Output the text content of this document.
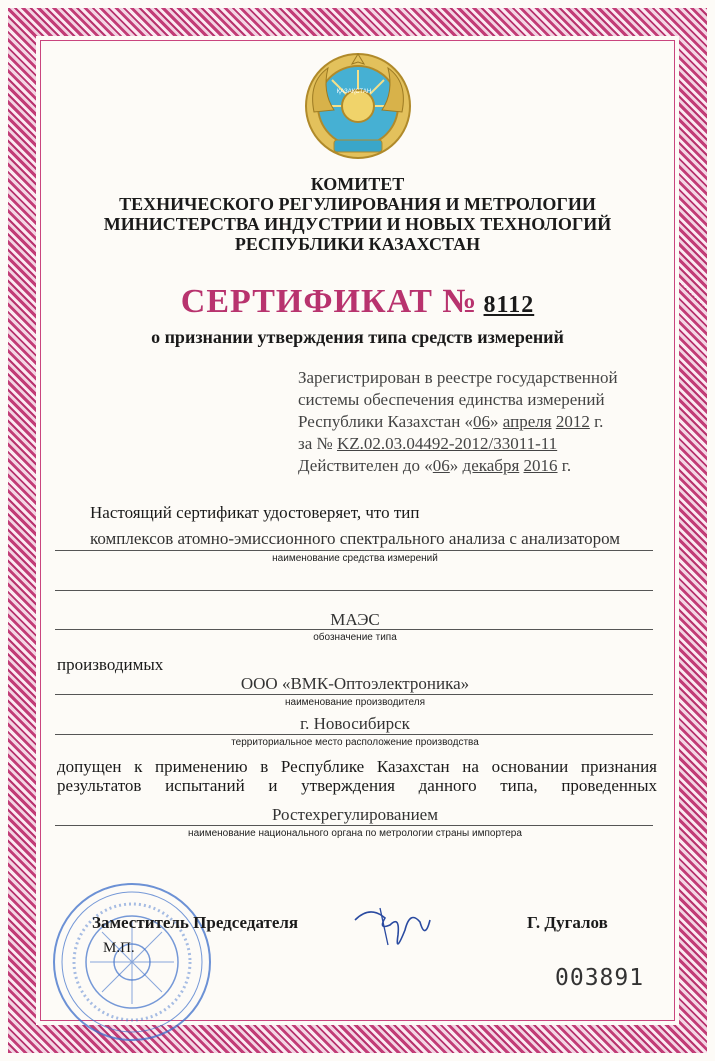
ҚАЗАҚСТАН
КОМИТЕТ
ТЕХНИЧЕСКОГО РЕГУЛИРОВАНИЯ И МЕТРОЛОГИИ
МИНИСТЕРСТВА ИНДУСТРИИ И НОВЫХ ТЕХНОЛОГИЙ
РЕСПУБЛИКИ КАЗАХСТАН
СЕРТИФИКАТ № 8112
о признании утверждения типа средств измерений
Зарегистрирован в реестре государственной
системы обеспечения единства измерений
Республики Казахстан «06» апреля 2012 г.
за № KZ.02.03.04492-2012/33011-11
Действителен до «06» декабря 2016 г.
Настоящий сертификат удостоверяет, что тип
комплексов атомно-эмиссионного спектрального анализа с анализатором
наименование средства измерений
МАЭС
обозначение типа
производимых
ООО «ВМК-Оптоэлектроника»
наименование производителя
г. Новосибирск
территориальное место расположение производства
допущен к применению в Республике Казахстан на основании признания
результатов испытаний и утверждения данного типа, проведенных
Ростехрегулированием
наименование национального органа по метрологии страны импортера
Заместитель Председателя
М.П.
Г. Дугалов
003891
